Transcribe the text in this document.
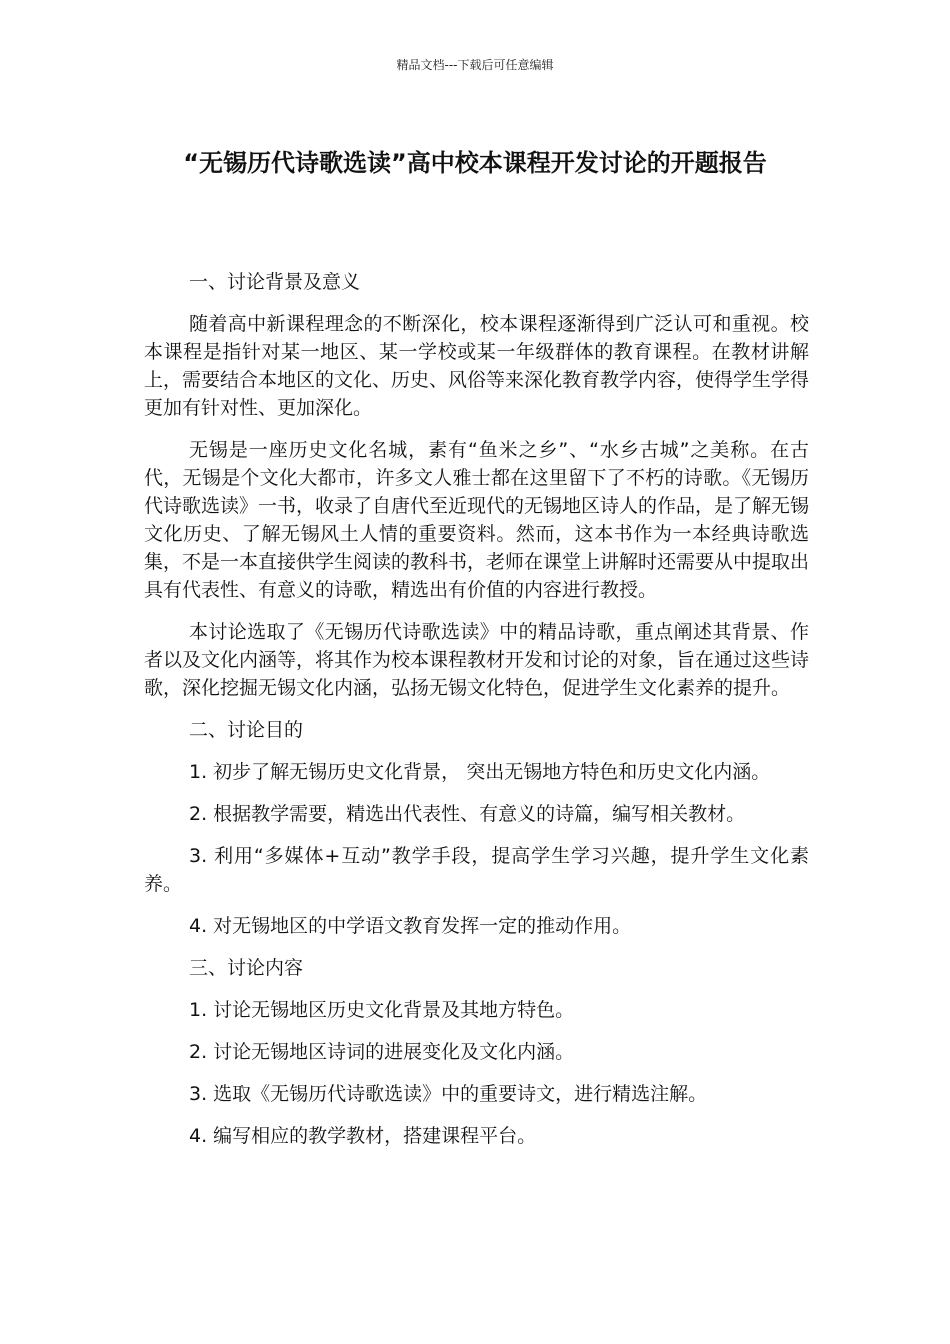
精品文档---下载后可任意编辑
“无锡历代诗歌选读”高中校本课程开发讨论的开题报告

一、讨论背景及意义

随着高中新课程理念的不断深化，校本课程逐渐得到广泛认可和重视。校本课程是指针对某一地区、某一学校或某一年级群体的教育课程。在教材讲解上，需要结合本地区的文化、历史、风俗等来深化教育教学内容，使得学生学得更加有针对性、更加深化。

无锡是一座历史文化名城，素有“鱼米之乡”、“水乡古城”之美称。在古代，无锡是个文化大都市，许多文人雅士都在这里留下了不朽的诗歌。《无锡历代诗歌选读》一书，收录了自唐代至近现代的无锡地区诗人的作品，是了解无锡文化历史、了解无锡风土人情的重要资料。然而，这本书作为一本经典诗歌选集，不是一本直接供学生阅读的教科书，老师在课堂上讲解时还需要从中提取出具有代表性、有意义的诗歌，精选出有价值的内容进行教授。

本讨论选取了《无锡历代诗歌选读》中的精品诗歌，重点阐述其背景、作者以及文化内涵等，将其作为校本课程教材开发和讨论的对象，旨在通过这些诗歌，深化挖掘无锡文化内涵，弘扬无锡文化特色，促进学生文化素养的提升。

二、讨论目的

1. 初步了解无锡历史文化背景， 突出无锡地方特色和历史文化内涵。

2. 根据教学需要，精选出代表性、有意义的诗篇，编写相关教材。

3. 利用“多媒体+互动”教学手段，提高学生学习兴趣，提升学生文化素养。

4. 对无锡地区的中学语文教育发挥一定的推动作用。

三、讨论内容

1. 讨论无锡地区历史文化背景及其地方特色。

2. 讨论无锡地区诗词的进展变化及文化内涵。

3. 选取《无锡历代诗歌选读》中的重要诗文，进行精选注解。

4. 编写相应的教学教材，搭建课程平台。
